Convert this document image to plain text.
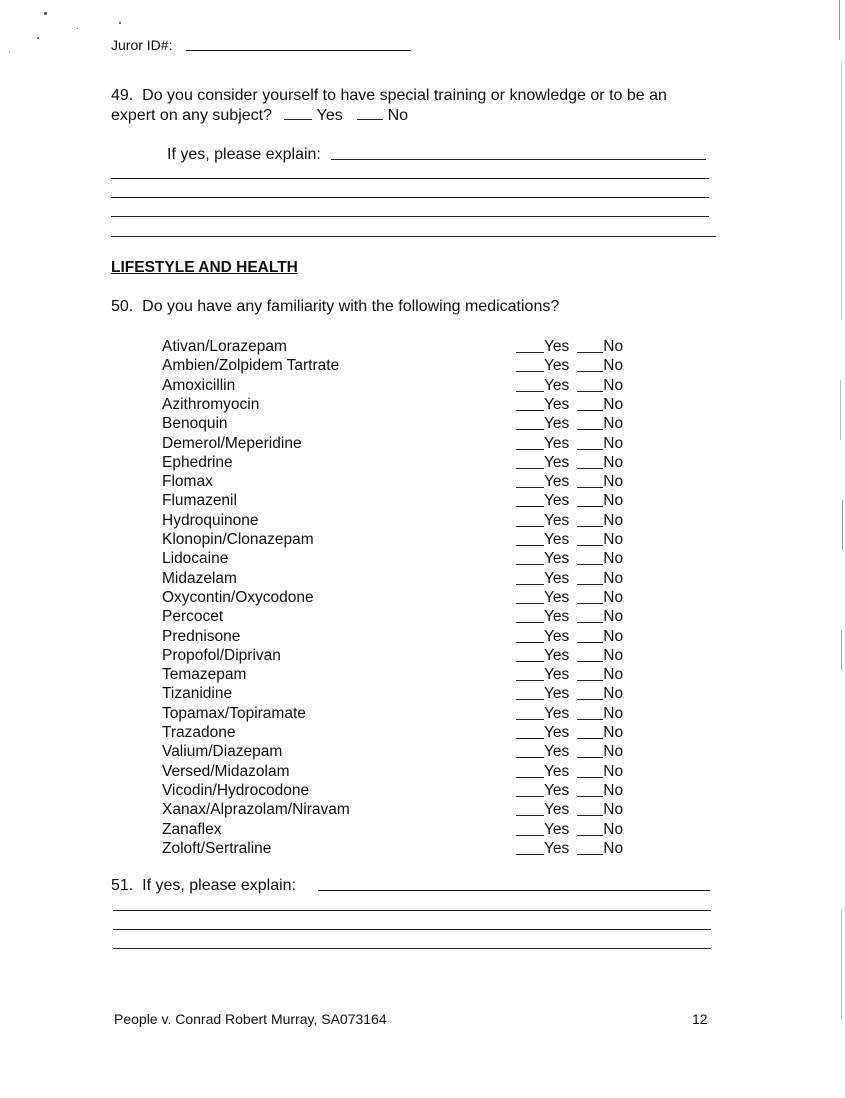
Juror ID#:
49. Do you consider yourself to have special training or knowledge or to be an
expert on any subject?	Yes	No
If yes, please explain:
LIFESTYLE AND HEALTH
50. Do you have any familiarity with the following medications?
Ativan/Lorazepam	Yes No
Ambien/Zolpidem Tartrate	Yes No
Amoxicillin	Yes No
Azithromyocin	Yes No
Benoquin	Yes No
Demerol/Meperidine	Yes No
Ephedrine	Yes No
Flomax	Yes No
Flumazenil	Yes No
Hydroquinone	Yes No
Klonopin/Clonazepam	Yes No
Lidocaine	Yes No
Midazelam	Yes No
Oxycontin/Oxycodone	Yes No
Percocet	Yes No
Prednisone	Yes No
Propofol/Diprivan	Yes No
Temazepam	Yes No
Tizanidine	Yes No
Topamax/Topiramate	Yes No
Trazadone	Yes No
Valium/Diazepam	Yes No
Versed/Midazolam	Yes No
Vicodin/Hydrocodone	Yes No
Xanax/Alprazolam/Niravam	Yes No
Zanaflex	Yes No
Zoloft/Sertraline	Yes No
51. If yes, please explain:
People v. Conrad Robert Murray, SA073164	12
